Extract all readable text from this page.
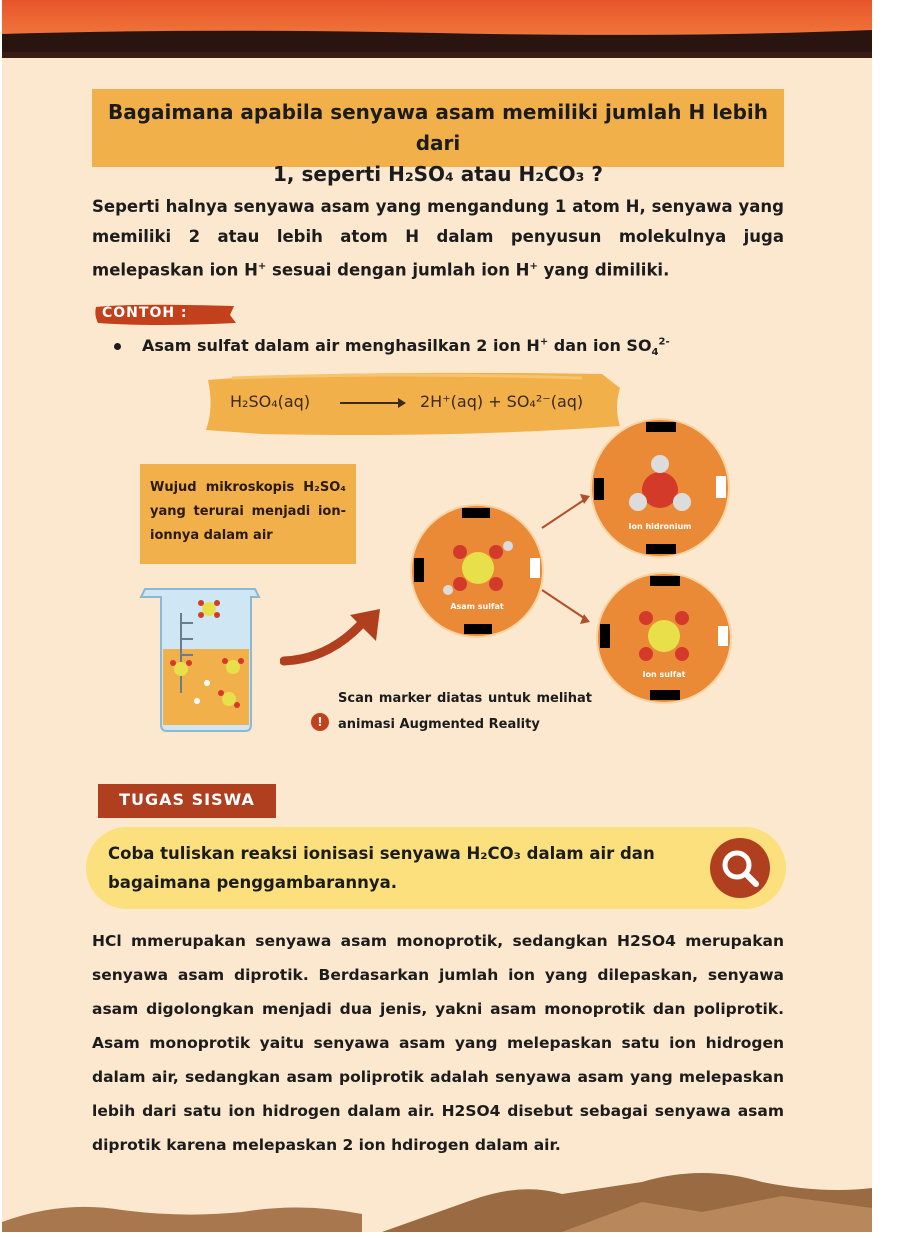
Bagaimana apabila senyawa asam memiliki jumlah H lebih dari
1, seperti H₂SO₄ atau H₂CO₃ ?
Seperti halnya senyawa asam yang mengandung 1 atom H, senyawa yang memiliki 2 atau lebih atom H dalam penyusun molekulnya juga melepaskan ion H+ sesuai dengan jumlah ion H+ yang dimiliki.
CONTOH :
Asam sulfat dalam air menghasilkan 2 ion H+ dan ion $SO_4^{2-}$
H₂SO₄(aq) → 2H⁺(aq) + SO₄²⁻(aq)
Wujud mikroskopis H₂SO₄ yang terurai menjadi ion-ionnya dalam air
Asam sulfat
Ion hidronium
Ion sulfat
!
Scan marker diatas untuk melihat animasi Augmented Reality
TUGAS SISWA
Coba tuliskan reaksi ionisasi senyawa H₂CO₃ dalam air dan bagaimana penggambarannya.
HCl mmerupakan senyawa asam monoprotik, sedangkan H2SO4 merupakan senyawa asam diprotik. Berdasarkan jumlah ion yang dilepaskan, senyawa asam digolongkan menjadi dua jenis, yakni asam monoprotik dan poliprotik. Asam monoprotik yaitu senyawa asam yang melepaskan satu ion hidrogen dalam air, sedangkan asam poliprotik adalah senyawa asam yang melepaskan lebih dari satu ion hidrogen dalam air. H2SO4 disebut sebagai senyawa asam diprotik karena melepaskan 2 ion hdirogen dalam air.
